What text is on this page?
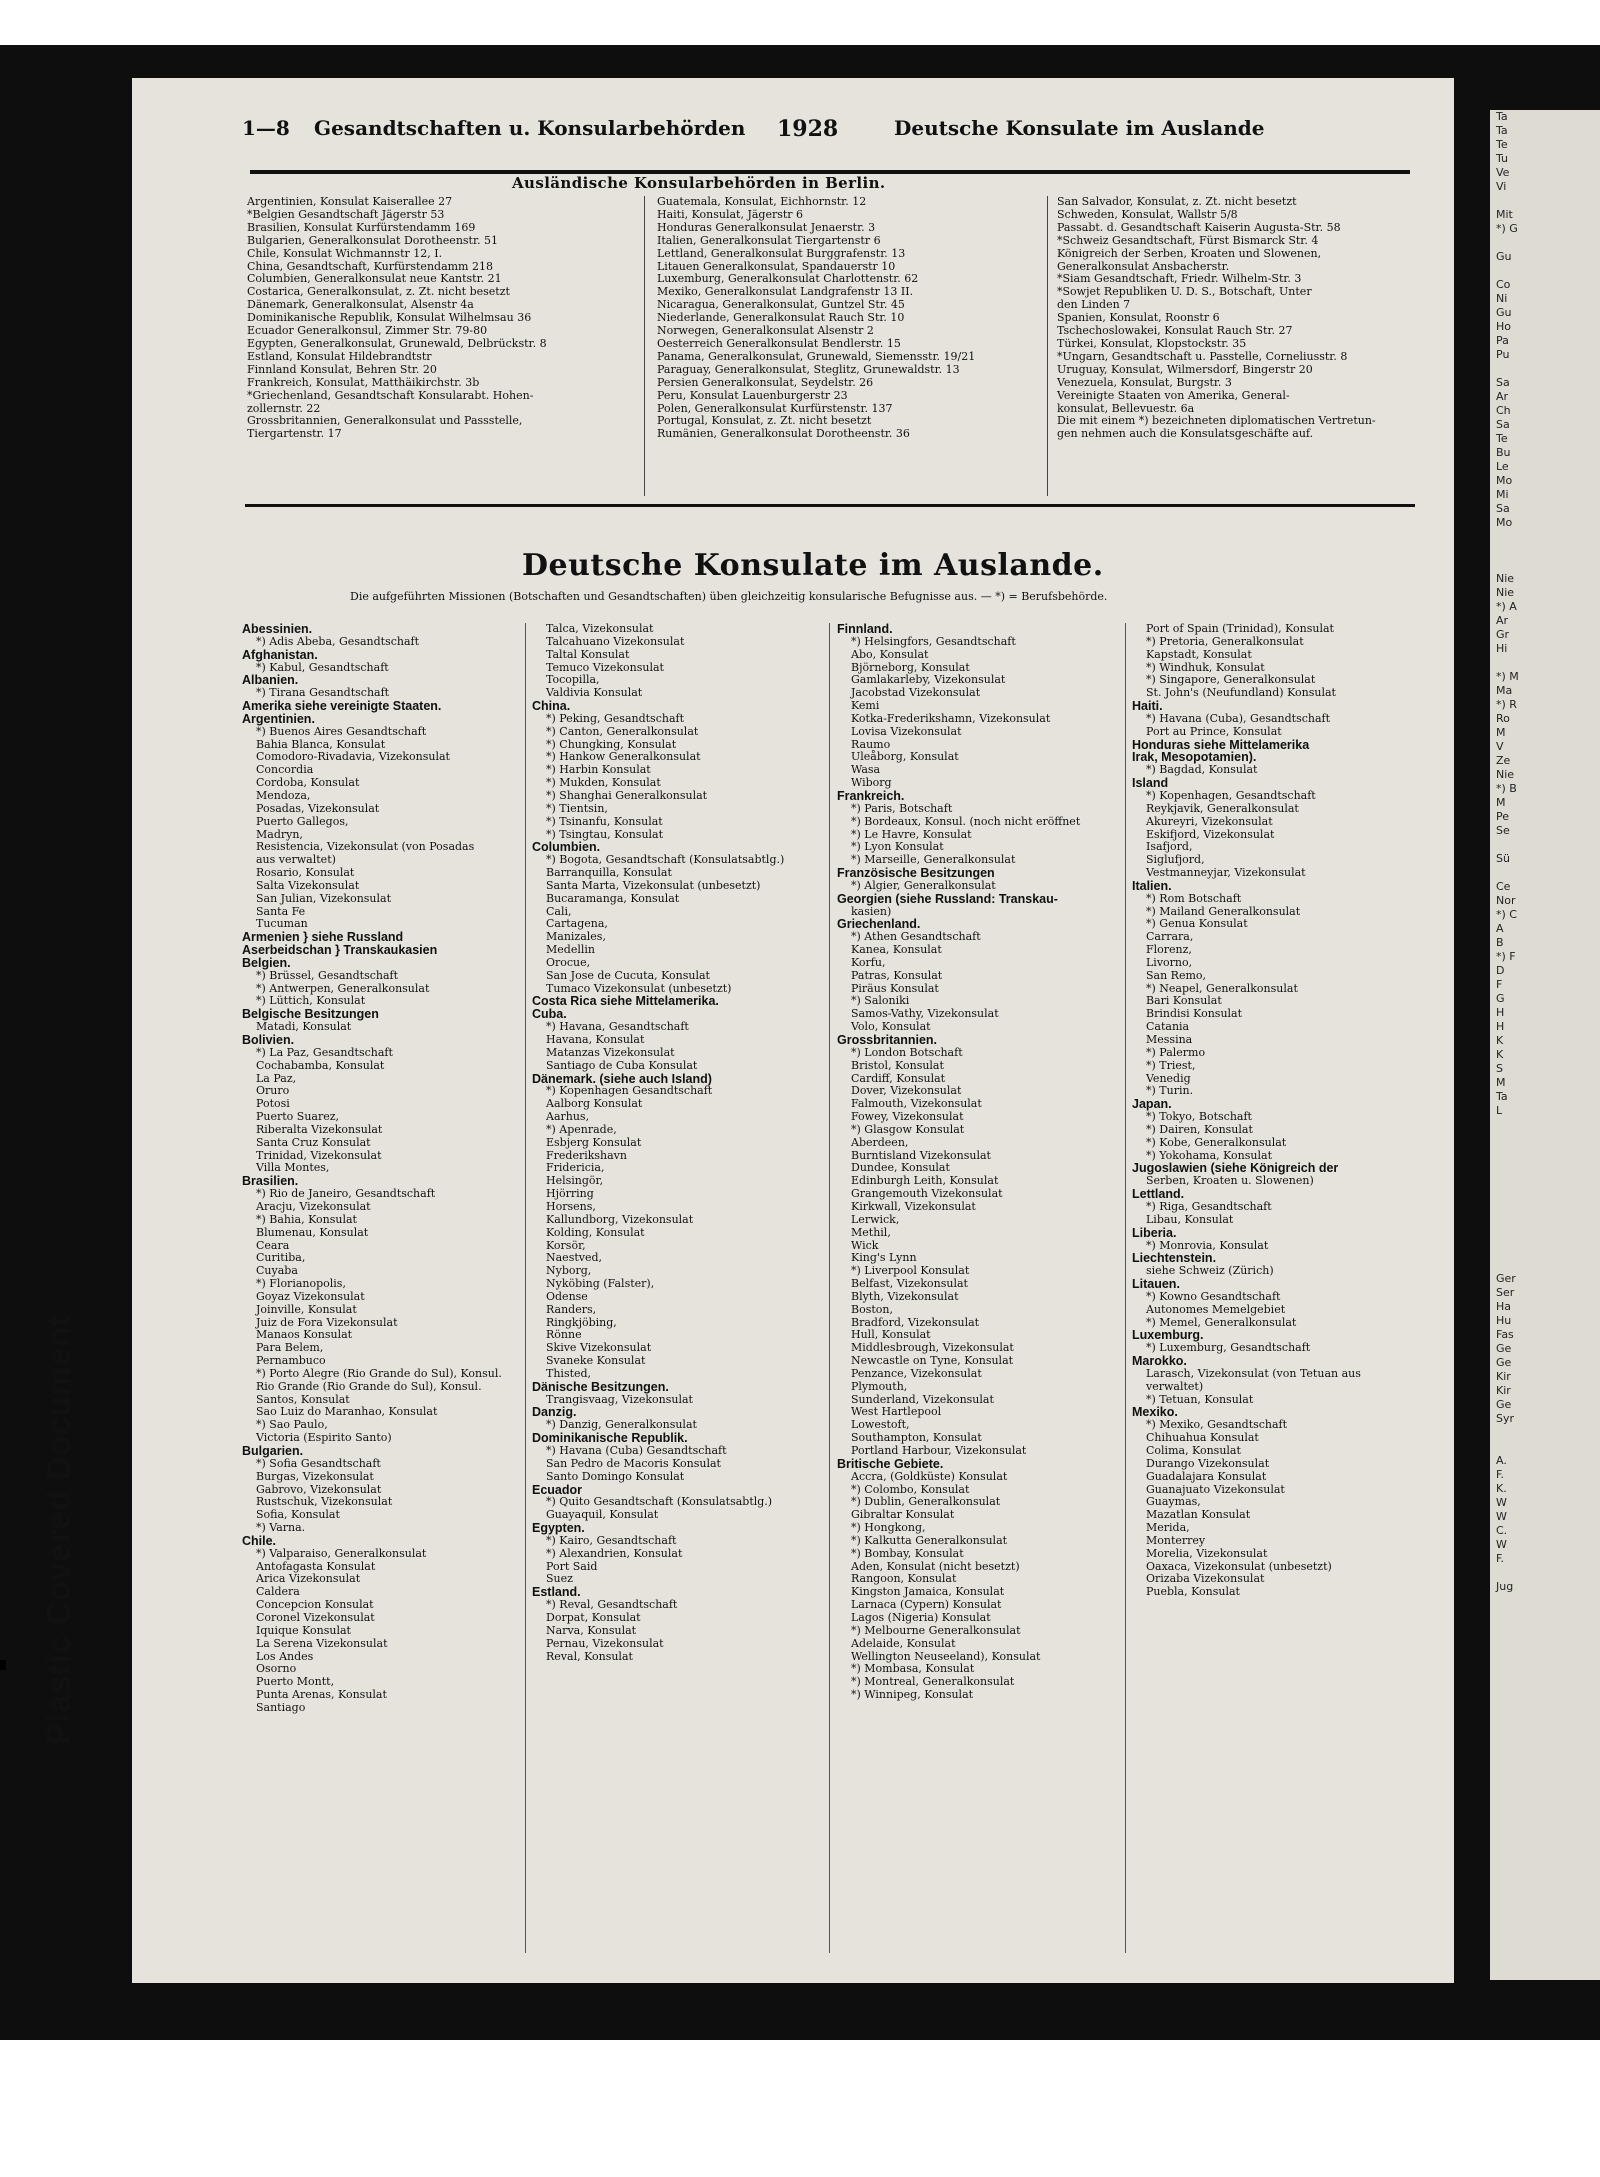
Plastic Covered Document
1—8 Gesandtschaften u. Konsularbehörden 1928	Deutsche Konsulate im Auslande
Ausländische Konsularbehörden in Berlin.
Argentinien, Konsulat Kaiserallee 27
*Belgien Gesandtschaft Jägerstr 53
Brasilien, Konsulat Kurfürstendamm 169
Bulgarien, Generalkonsulat Dorotheenstr. 51
Chile, Konsulat Wichmannstr 12, I.
China, Gesandtschaft, Kurfürstendamm 218
Columbien, Generalkonsulat neue Kantstr. 21
Costarica, Generalkonsulat, z. Zt. nicht besetzt
Dänemark, Generalkonsulat, Alsenstr 4a
Dominikanische Republik, Konsulat Wilhelmsau 36
Ecuador Generalkonsul, Zimmer Str. 79-80
Egypten, Generalkonsulat, Grunewald, Delbrückstr. 8
Estland, Konsulat Hildebrandtstr
Finnland Konsulat, Behren Str. 20
Frankreich, Konsulat, Matthäikirchstr. 3b
*Griechenland, Gesandtschaft Konsularabt. Hohen-
zollernstr. 22
Grossbritannien, Generalkonsulat und Passstelle,
Tiergartenstr. 17
Guatemala, Konsulat, Eichhornstr. 12
Haiti, Konsulat, Jägerstr 6
Honduras Generalkonsulat Jenaerstr. 3
Italien, Generalkonsulat Tiergartenstr 6
Lettland, Generalkonsulat Burggrafenstr. 13
Litauen Generalkonsulat, Spandauerstr 10
Luxemburg, Generalkonsulat Charlottenstr. 62
Mexiko, Generalkonsulat Landgrafenstr 13 II.
Nicaragua, Generalkonsulat, Guntzel Str. 45
Niederlande, Generalkonsulat Rauch Str. 10
Norwegen, Generalkonsulat Alsenstr 2
Oesterreich Generalkonsulat Bendlerstr. 15
Panama, Generalkonsulat, Grunewald, Siemensstr. 19/21
Paraguay, Generalkonsulat, Steglitz, Grunewaldstr. 13
Persien Generalkonsulat, Seydelstr. 26
Peru, Konsulat Lauenburgerstr 23
Polen, Generalkonsulat Kurfürstenstr. 137
Portugal, Konsulat, z. Zt. nicht besetzt
Rumänien, Generalkonsulat Dorotheenstr. 36
San Salvador, Konsulat, z. Zt. nicht besetzt
Schweden, Konsulat, Wallstr 5/8
Passabt. d. Gesandtschaft Kaiserin Augusta-Str. 58
*Schweiz Gesandtschaft, Fürst Bismarck Str. 4
Königreich der Serben, Kroaten und Slowenen,
Generalkonsulat Ansbacherstr.
*Siam Gesandtschaft, Friedr. Wilhelm-Str. 3
*Sowjet Republiken U. D. S., Botschaft, Unter
den Linden 7
Spanien, Konsulat, Roonstr 6
Tschechoslowakei, Konsulat Rauch Str. 27
Türkei, Konsulat, Klopstockstr. 35
*Ungarn, Gesandtschaft u. Passtelle, Corneliusstr. 8
Uruguay, Konsulat, Wilmersdorf, Bingerstr 20
Venezuela, Konsulat, Burgstr. 3
Vereinigte Staaten von Amerika, General-
konsulat, Bellevuestr. 6a
Die mit einem *) bezeichneten diplomatischen Vertretun-
gen nehmen auch die Konsulatsgeschäfte auf.
Deutsche Konsulate im Auslande.
Die aufgeführten Missionen (Botschaften und Gesandtschaften) üben gleichzeitig konsularische Befugnisse aus. — *) = Berufsbehörde.
Abessinien.
*) Adis Abeba, Gesandtschaft
Afghanistan.
*) Kabul, Gesandtschaft
Albanien.
*) Tirana Gesandtschaft
Amerika siehe vereinigte Staaten.
Argentinien.
*) Buenos Aires Gesandtschaft
Bahia Blanca, Konsulat
Comodoro-Rivadavia, Vizekonsulat
Concordia
Cordoba, Konsulat
Mendoza,
Posadas, Vizekonsulat
Puerto Gallegos,
Madryn,
Resistencia, Vizekonsulat (von Posadas
aus verwaltet)
Rosario, Konsulat
Salta Vizekonsulat
San Julian, Vizekonsulat
Santa Fe
Tucuman
Armenien } siehe Russland
Aserbeidschan } Transkaukasien
Belgien.
*) Brüssel, Gesandtschaft
*) Antwerpen, Generalkonsulat
*) Lüttich, Konsulat
Belgische Besitzungen
Matadi, Konsulat
Bolivien.
*) La Paz, Gesandtschaft
Cochabamba, Konsulat
La Paz,
Oruro
Potosi
Puerto Suarez,
Riberalta Vizekonsulat
Santa Cruz Konsulat
Trinidad, Vizekonsulat
Villa Montes,
Brasilien.
*) Rio de Janeiro, Gesandtschaft
Aracju, Vizekonsulat
*) Bahia, Konsulat
Blumenau, Konsulat
Ceara
Curitiba,
Cuyaba
*) Florianopolis,
Goyaz Vizekonsulat
Joinville, Konsulat
Juiz de Fora Vizekonsulat
Manaos Konsulat
Para Belem,
Pernambuco
*) Porto Alegre (Rio Grande do Sul), Konsul.
Rio Grande (Rio Grande do Sul), Konsul.
Santos, Konsulat
Sao Luiz do Maranhao, Konsulat
*) Sao Paulo,
Victoria (Espirito Santo)
Bulgarien.
*) Sofia Gesandtschaft
Burgas, Vizekonsulat
Gabrovo, Vizekonsulat
Rustschuk, Vizekonsulat
Sofia, Konsulat
*) Varna.
Chile.
*) Valparaiso, Generalkonsulat
Antofagasta Konsulat
Arica Vizekonsulat
Caldera
Concepcion Konsulat
Coronel Vizekonsulat
Iquique Konsulat
La Serena Vizekonsulat
Los Andes
Osorno
Puerto Montt,
Punta Arenas, Konsulat
Santiago
Talca, Vizekonsulat
Talcahuano Vizekonsulat
Taltal Konsulat
Temuco Vizekonsulat
Tocopilla,
Valdivia Konsulat
China.
*) Peking, Gesandtschaft
*) Canton, Generalkonsulat
*) Chungking, Konsulat
*) Hankow Generalkonsulat
*) Harbin Konsulat
*) Mukden, Konsulat
*) Shanghai Generalkonsulat
*) Tientsin,
*) Tsinanfu, Konsulat
*) Tsingtau, Konsulat
Columbien.
*) Bogota, Gesandtschaft (Konsulatsabtlg.)
Barranquilla, Konsulat
Santa Marta, Vizekonsulat (unbesetzt)
Bucaramanga, Konsulat
Cali,
Cartagena,
Manizales,
Medellin
Orocue,
San Jose de Cucuta, Konsulat
Tumaco Vizekonsulat (unbesetzt)
Costa Rica siehe Mittelamerika.
Cuba.
*) Havana, Gesandtschaft
Havana, Konsulat
Matanzas Vizekonsulat
Santiago de Cuba Konsulat
Dänemark. (siehe auch Island)
*) Kopenhagen Gesandtschaft
Aalborg Konsulat
Aarhus,
*) Apenrade,
Esbjerg Konsulat
Frederikshavn
Fridericia,
Helsingör,
Hjörring
Horsens,
Kallundborg, Vizekonsulat
Kolding, Konsulat
Korsör,
Naestved,
Nyborg,
Nyköbing (Falster),
Odense
Randers,
Ringkjöbing,
Rönne
Skive Vizekonsulat
Svaneke Konsulat
Thisted,
Dänische Besitzungen.
Trangisvaag, Vizekonsulat
Danzig.
*) Danzig, Generalkonsulat
Dominikanische Republik.
*) Havana (Cuba) Gesandtschaft
San Pedro de Macoris Konsulat
Santo Domingo Konsulat
Ecuador
*) Quito Gesandtschaft (Konsulatsabtlg.)
Guayaquil, Konsulat
Egypten.
*) Kairo, Gesandtschaft
*) Alexandrien, Konsulat
Port Said
Suez
Estland.
*) Reval, Gesandtschaft
Dorpat, Konsulat
Narva, Konsulat
Pernau, Vizekonsulat
Reval, Konsulat
Finnland.
*) Helsingfors, Gesandtschaft
Abo, Konsulat
Björneborg, Konsulat
Gamlakarleby, Vizekonsulat
Jacobstad Vizekonsulat
Kemi
Kotka-Frederikshamn, Vizekonsulat
Lovisa Vizekonsulat
Raumo
Uleåborg, Konsulat
Wasa
Wiborg
Frankreich.
*) Paris, Botschaft
*) Bordeaux, Konsul. (noch nicht eröffnet
*) Le Havre, Konsulat
*) Lyon Konsulat
*) Marseille, Generalkonsulat
Französische Besitzungen
*) Algier, Generalkonsulat
Georgien (siehe Russland: Transkau-
kasien)
Griechenland.
*) Athen Gesandtschaft
Kanea, Konsulat
Korfu,
Patras, Konsulat
Piräus Konsulat
*) Saloniki
Samos-Vathy, Vizekonsulat
Volo, Konsulat
Grossbritannien.
*) London Botschaft
Bristol, Konsulat
Cardiff, Konsulat
Dover, Vizekonsulat
Falmouth, Vizekonsulat
Fowey, Vizekonsulat
*) Glasgow Konsulat
Aberdeen,
Burntisland Vizekonsulat
Dundee, Konsulat
Edinburgh Leith, Konsulat
Grangemouth Vizekonsulat
Kirkwall, Vizekonsulat
Lerwick,
Methil,
Wick
King's Lynn
*) Liverpool Konsulat
Belfast, Vizekonsulat
Blyth, Vizekonsulat
Boston,
Bradford, Vizekonsulat
Hull, Konsulat
Middlesbrough, Vizekonsulat
Newcastle on Tyne, Konsulat
Penzance, Vizekonsulat
Plymouth,
Sunderland, Vizekonsulat
West Hartlepool
Lowestoft,
Southampton, Konsulat
Portland Harbour, Vizekonsulat
Britische Gebiete.
Accra, (Goldküste) Konsulat
*) Colombo, Konsulat
*) Dublin, Generalkonsulat
Gibraltar Konsulat
*) Hongkong,
*) Kalkutta Generalkonsulat
*) Bombay, Konsulat
Aden, Konsulat (nicht besetzt)
Rangoon, Konsulat
Kingston Jamaica, Konsulat
Larnaca (Cypern) Konsulat
Lagos (Nigeria) Konsulat
*) Melbourne Generalkonsulat
Adelaide, Konsulat
Wellington Neuseeland), Konsulat
*) Mombasa, Konsulat
*) Montreal, Generalkonsulat
*) Winnipeg, Konsulat
Port of Spain (Trinidad), Konsulat
*) Pretoria, Generalkonsulat
Kapstadt, Konsulat
*) Windhuk, Konsulat
*) Singapore, Generalkonsulat
St. John's (Neufundland) Konsulat
Haiti.
*) Havana (Cuba), Gesandtschaft
Port au Prince, Konsulat
Honduras siehe Mittelamerika
Irak, Mesopotamien).
*) Bagdad, Konsulat
Island
*) Kopenhagen, Gesandtschaft
Reykjavik, Generalkonsulat
Akureyri, Vizekonsulat
Eskifjord, Vizekonsulat
Isafjord,
Siglufjord,
Vestmanneyjar, Vizekonsulat
Italien.
*) Rom Botschaft
*) Mailand Generalkonsulat
*) Genua Konsulat
Carrara,
Florenz,
Livorno,
San Remo,
*) Neapel, Generalkonsulat
Bari Konsulat
Brindisi Konsulat
Catania
Messina
*) Palermo
*) Triest,
Venedig
*) Turin.
Japan.
*) Tokyo, Botschaft
*) Dairen, Konsulat
*) Kobe, Generalkonsulat
*) Yokohama, Konsulat
Jugoslawien (siehe Königreich der
Serben, Kroaten u. Slowenen)
Lettland.
*) Riga, Gesandtschaft
Libau, Konsulat
Liberia.
*) Monrovia, Konsulat
Liechtenstein.
siehe Schweiz (Zürich)
Litauen.
*) Kowno Gesandtschaft
Autonomes Memelgebiet
*) Memel, Generalkonsulat
Luxemburg.
*) Luxemburg, Gesandtschaft
Marokko.
Larasch, Vizekonsulat (von Tetuan aus
verwaltet)
*) Tetuan, Konsulat
Mexiko.
*) Mexiko, Gesandtschaft
Chihuahua Konsulat
Colima, Konsulat
Durango Vizekonsulat
Guadalajara Konsulat
Guanajuato Vizekonsulat
Guaymas,
Mazatlan Konsulat
Merida,
Monterrey
Morelia, Vizekonsulat
Oaxaca, Vizekonsulat (unbesetzt)
Orizaba Vizekonsulat
Puebla, Konsulat
Ta
Ta
Te
Tu
Ve
Vi

Mit
*) G

Gu

Co
Ni
Gu
Ho
Pa
Pu

Sa
Ar
Ch
Sa
Te
Bu
Le
Mo
Mi
Sa
Mo

Nie
Nie
*) A
Ar
Gr
Hi

*) M
Ma
*) R
Ro
M
V
Ze
Nie
*) B
M
Pe
Se

Sü

Ce
Nor
*) C
A
B
*) F
D
F
G
H
H
K
K
S
M
Ta
L

Ger
Ser
Ha
Hu
Fas
Ge
Ge
Kir
Kir
Ge
Syr

A.
F.
K.
W
W
C.
W
F.

Jug
